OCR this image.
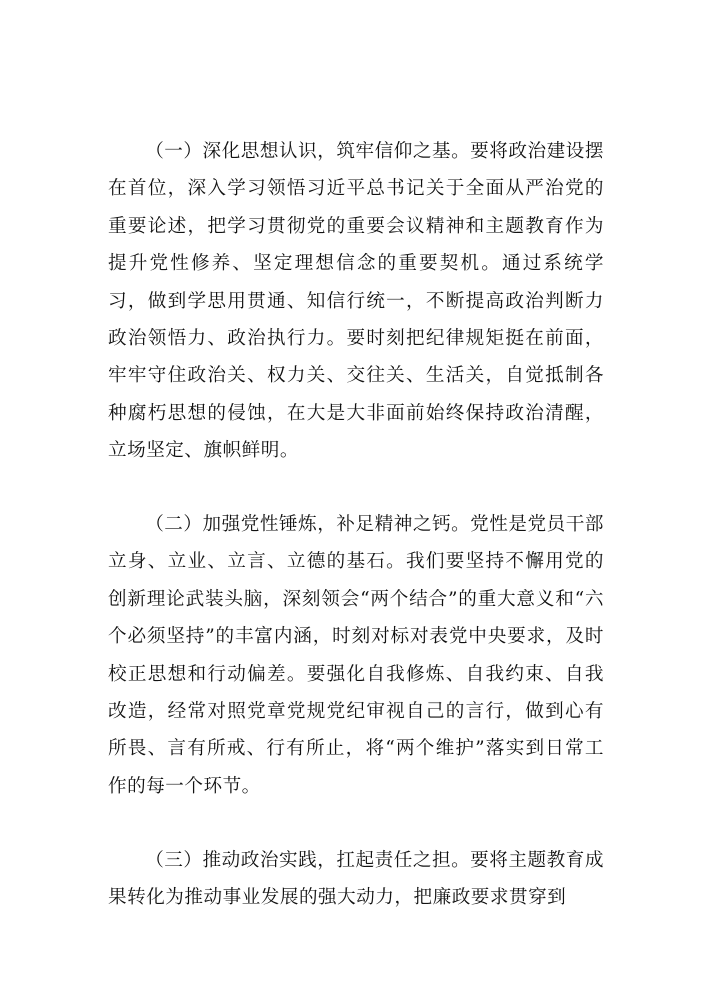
（一）深化思想认识，筑牢信仰之基。要将政治建设摆在首位，深入学习领悟习近平总书记关于全面从严治党的重要论述，把学习贯彻党的重要会议精神和主题教育作为提升党性修养、坚定理想信念的重要契机。通过系统学习，做到学思用贯通、知信行统一，不断提高政治判断力政治领悟力、政治执行力。要时刻把纪律规矩挺在前面，牢牢守住政治关、权力关、交往关、生活关，自觉抵制各种腐朽思想的侵蚀，在大是大非面前始终保持政治清醒，立场坚定、旗帜鲜明。

（二）加强党性锤炼，补足精神之钙。党性是党员干部立身、立业、立言、立德的基石。我们要坚持不懈用党的创新理论武装头脑，深刻领会“两个结合”的重大意义和“六个必须坚持”的丰富内涵，时刻对标对表党中央要求，及时校正思想和行动偏差。要强化自我修炼、自我约束、自我改造，经常对照党章党规党纪审视自己的言行，做到心有所畏、言有所戒、行有所止，将“两个维护”落实到日常工作的每一个环节。

（三）推动政治实践，扛起责任之担。要将主题教育成果转化为推动事业发展的强大动力，把廉政要求贯穿到
